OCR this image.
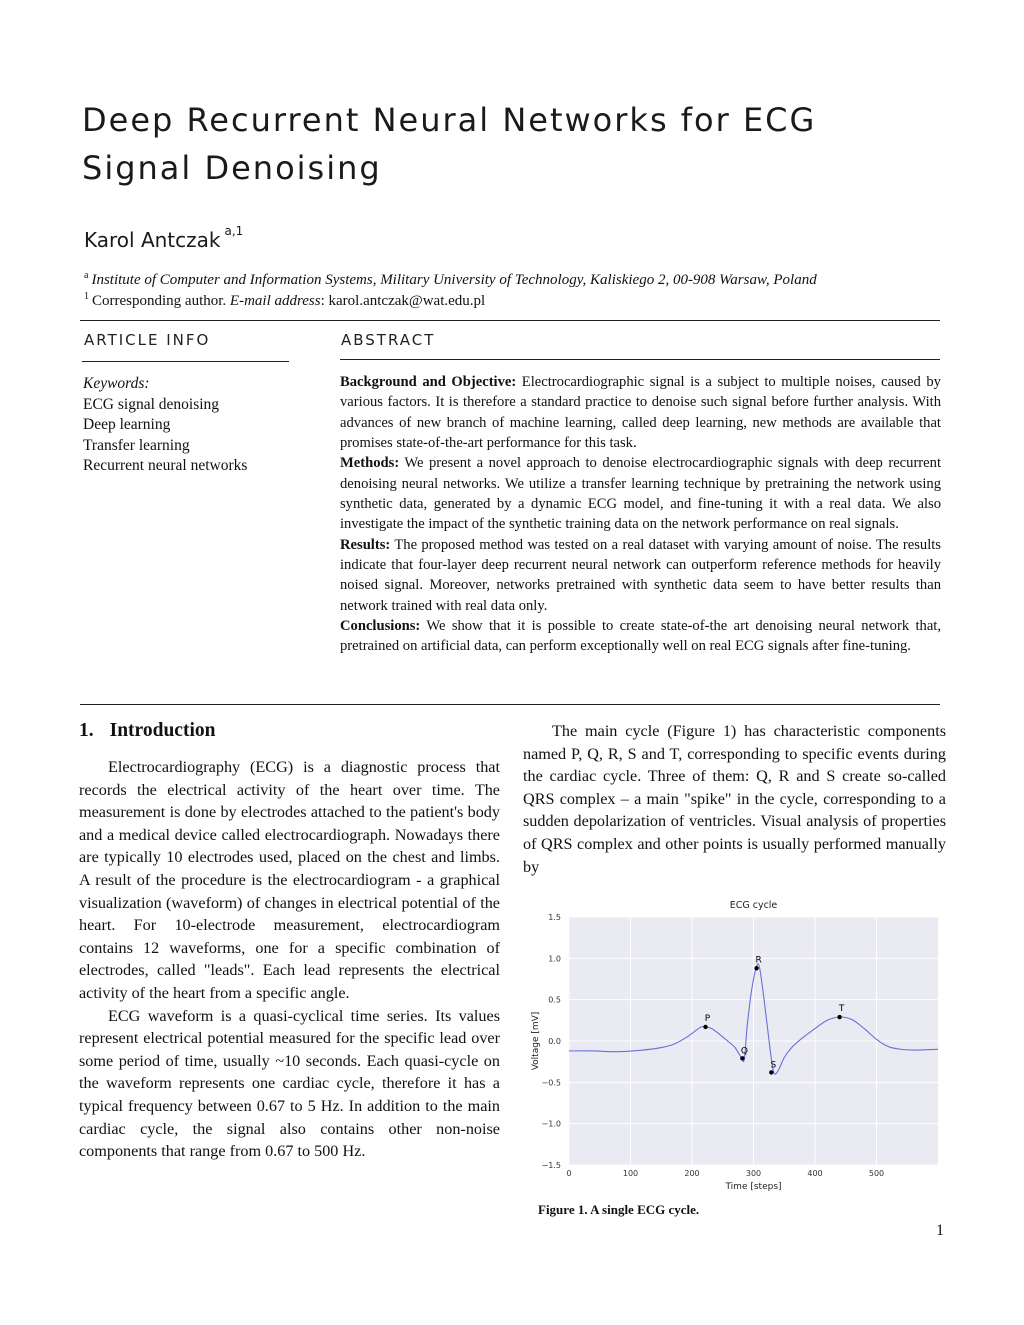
Deep Recurrent Neural Networks for ECG
Signal Denoising
Karol Antczak $^{a,1}$
$^a$ Institute of Computer and Information Systems, Military University of Technology, Kaliskiego 2, 00-908 Warsaw, Poland
$^1$ Corresponding author. E-mail address: karol.antczak@wat.edu.pl
ARTICLE INFO	ABSTRACT
Keywords:
ECG signal denoising
Deep learning
Transfer learning
Recurrent neural networks

Background and Objective: Electrocardiographic signal is a subject to multiple noises, caused by various factors. It is therefore a standard practice to denoise such signal before further analysis. With advances of new branch of machine learning, called deep learning, new methods are available that promises state-of-the-art performance for this task.

Methods: We present a novel approach to denoise electrocardiographic signals with deep recurrent denoising neural networks. We utilize a transfer learning technique by pretraining the network using synthetic data, generated by a dynamic ECG model, and fine-tuning it with a real data. We also investigate the impact of the synthetic training data on the network performance on real signals.

Results: The proposed method was tested on a real dataset with varying amount of noise. The results indicate that four-layer deep recurrent neural network can outperform reference methods for heavily noised signal. Moreover, networks pretrained with synthetic data seem to have better results than network trained with real data only.

Conclusions: We show that it is possible to create state-of-the art denoising neural network that, pretrained on artificial data, can perform exceptionally well on real ECG signals after fine-tuning.

1. Introduction

Electrocardiography (ECG) is a diagnostic process that records the electrical activity of the heart over time. The measurement is done by electrodes attached to the patient's body and a medical device called electrocardiograph. Nowadays there are typically 10 electrodes used, placed on the chest and limbs. A result of the procedure is the electrocardiogram - a graphical visualization (waveform) of changes in electrical potential of the heart. For 10-electrode measurement, electrocardiogram contains 12 waveforms, one for a specific combination of electrodes, called "leads". Each lead represents the electrical activity of the heart from a specific angle.

ECG waveform is a quasi-cyclical time series. Its values represent electrical potential measured for the specific lead over some period of time, usually ~10 seconds. Each quasi-cycle on the waveform represents one cardiac cycle, therefore it has a typical frequency between 0.67 to 5 Hz. In addition to the main cardiac cycle, the signal also contains other non-noise components that range from 0.67 to 500 Hz.

The main cycle (Figure 1) has characteristic components named P, Q, R, S and T, corresponding to specific events during the cardiac cycle. Three of them: Q, R and S create so-called QRS complex – a main "spike" in the cycle, corresponding to a sudden depolarization of ventricles. Visual analysis of properties of QRS complex and other points is usually performed manually by

0	100	200	300	400	500
1.5
1.0
0.5
0.0
−0.5
−1.0
−1.5
ECG cycle
Time [steps]
Voltage [mV]	P
Q
R
S
T
Figure 1. A single ECG cycle.
1
